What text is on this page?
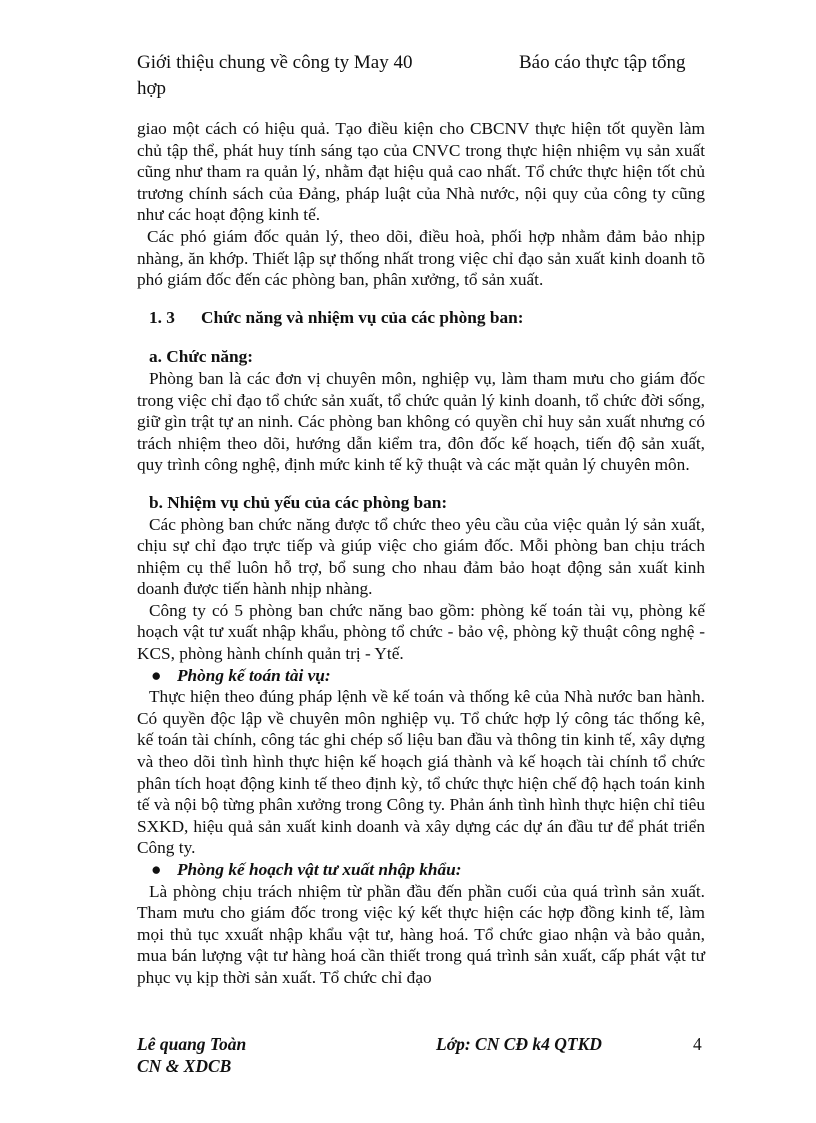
Giới thiệu chung về công ty May 40	Báo cáo thực tập tổng
hợp

giao một cách có hiệu quả. Tạo điều kiện cho CBCNV thực hiện tốt quyền làm chủ tập thể, phát huy tính sáng tạo của CNVC trong thực hiện nhiệm vụ sản xuất cũng như tham ra quản lý, nhằm đạt hiệu quả cao nhất. Tổ chức thực hiện tốt chủ trương chính sách của Đảng, pháp luật của Nhà nước, nội quy của công ty cũng như các hoạt động kinh tế.

Các phó giám đốc quản lý, theo dõi, điều hoà, phối hợp nhằm đảm bảo nhịp nhàng, ăn khớp. Thiết lập sự thống nhất trong việc chỉ đạo sản xuất kinh doanh tõ phó giám đốc đến các phòng ban, phân xưởng, tổ sản xuất.

1. 3 Chức năng và nhiệm vụ của các phòng ban:

a. Chức năng:

Phòng ban là các đơn vị chuyên môn, nghiệp vụ, làm tham mưu cho giám đốc trong việc chỉ đạo tổ chức sản xuất, tổ chức quản lý kinh doanh, tổ chức đời sống, giữ gìn trật tự an ninh. Các phòng ban không có quyền chỉ huy sản xuất nhưng có trách nhiệm theo dõi, hướng dẫn kiểm tra, đôn đốc kế hoạch, tiến độ sản xuất, quy trình công nghệ, định mức kinh tế kỹ thuật và các mặt quản lý chuyên môn.

b. Nhiệm vụ chủ yếu của các phòng ban:

Các phòng ban chức năng được tổ chức theo yêu cầu của việc quản lý sản xuất, chịu sự chỉ đạo trực tiếp và giúp việc cho giám đốc. Mỗi phòng ban chịu trách nhiệm cụ thể luôn hỗ trợ, bổ sung cho nhau đảm bảo hoạt động sản xuất kinh doanh được tiến hành nhịp nhàng.

Công ty có 5 phòng ban chức năng bao gồm: phòng kế toán tài vụ, phòng kế hoạch vật tư xuất nhập khẩu, phòng tổ chức - bảo vệ, phòng kỹ thuật công nghệ - KCS, phòng hành chính quản trị - Ytế.

● Phòng kế toán tài vụ:

Thực hiện theo đúng pháp lệnh về kế toán và thống kê của Nhà nước ban hành. Có quyền độc lập về chuyên môn nghiệp vụ. Tổ chức hợp lý công tác thống kê, kế toán tài chính, công tác ghi chép số liệu ban đầu và thông tin kinh tế, xây dựng và theo dõi tình hình thực hiện kế hoạch giá thành và kế hoạch tài chính tổ chức phân tích hoạt động kinh tế theo định kỳ, tổ chức thực hiện chế độ hạch toán kinh tế và nội bộ từng phân xưởng trong Công ty. Phản ánh tình hình thực hiện chỉ tiêu SXKD, hiệu quả sản xuất kinh doanh và xây dựng các dự án đầu tư để phát triển Công ty.

● Phòng kế hoạch vật tư xuất nhập khẩu:

Là phòng chịu trách nhiệm từ phần đầu đến phần cuối của quá trình sản xuất. Tham mưu cho giám đốc trong việc ký kết thực hiện các hợp đồng kinh tế, làm mọi thủ tục xxuất nhập khẩu vật tư, hàng hoá. Tổ chức giao nhận và bảo quản, mua bán lượng vật tư hàng hoá cần thiết trong quá trình sản xuất, cấp phát vật tư phục vụ kịp thời sản xuất. Tổ chức chỉ đạo

Lê quang Toàn	Lớp: CN CĐ k4 QTKD	4
CN & XDCB
